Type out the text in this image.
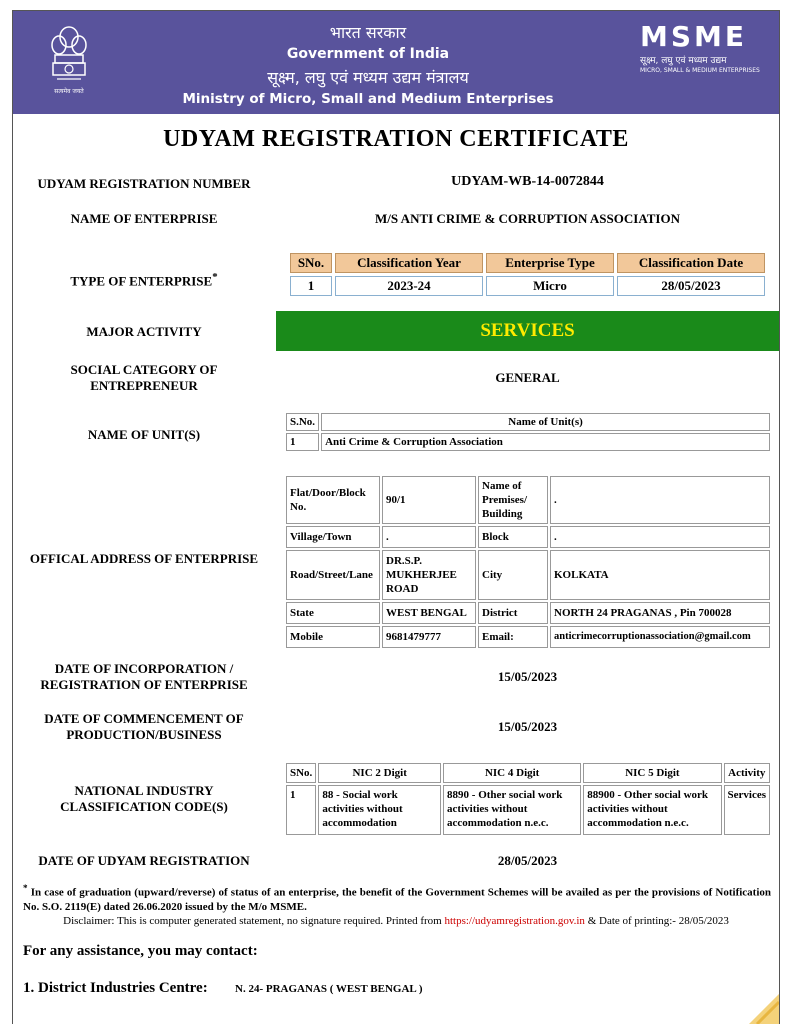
सत्यमेव जयते
भारत सरकार
Government of India
सूक्ष्म, लघु एवं मध्यम उद्यम मंत्रालय
Ministry of Micro, Small and Medium Enterprises
MSME
सूक्ष्म, लघु एवं मध्यम उद्यम
MICRO, SMALL & MEDIUM ENTERPRISES
UDYAM REGISTRATION CERTIFICATE
UDYAM REGISTRATION NUMBER	UDYAM-WB-14-0072844
NAME OF ENTERPRISE	M/S ANTI CRIME & CORRUPTION ASSOCIATION
TYPE OF ENTERPRISE*
SNo.	Classification Year	Enterprise Type	Classification Date
1	2023-24	Micro	28/05/2023
MAJOR ACTIVITY	SERVICES
SOCIAL CATEGORY OF
ENTREPRENEUR
GENERAL
NAME OF UNIT(S)
S.No.	Name of Unit(s)
1	Anti Crime & Corruption Association
OFFICAL ADDRESS OF ENTERPRISE
Flat/Door/Block No.	90/1	Name of Premises/ Building	.
Village/Town	.	Block	.
Road/Street/Lane	DR.S.P. MUKHERJEE ROAD	City	KOLKATA
State	WEST BENGAL	District	NORTH 24 PRAGANAS , Pin 700028
Mobile	9681479777	Email:	anticrimecorruptionassociation@gmail.com
DATE OF INCORPORATION /
REGISTRATION OF ENTERPRISE
15/05/2023
DATE OF COMMENCEMENT OF
PRODUCTION/BUSINESS
15/05/2023
NATIONAL INDUSTRY
CLASSIFICATION CODE(S)
SNo.	NIC 2 Digit	NIC 4 Digit	NIC 5 Digit	Activity
1	88 - Social work activities without accommodation	8890 - Other social work activities without accommodation n.e.c.	88900 - Other social work activities without accommodation n.e.c.	Services
DATE OF UDYAM REGISTRATION	28/05/2023
* In case of graduation (upward/reverse) of status of an enterprise, the benefit of the Government Schemes will be availed as per the provisions of Notification No. S.O. 2119(E) dated 26.06.2020 issued by the M/o MSME.
Disclaimer: This is computer generated statement, no signature required. Printed from https://udyamregistration.gov.in & Date of printing:- 28/05/2023
For any assistance, you may contact:
1. District Industries Centre: N. 24- PRAGANAS ( WEST BENGAL )
